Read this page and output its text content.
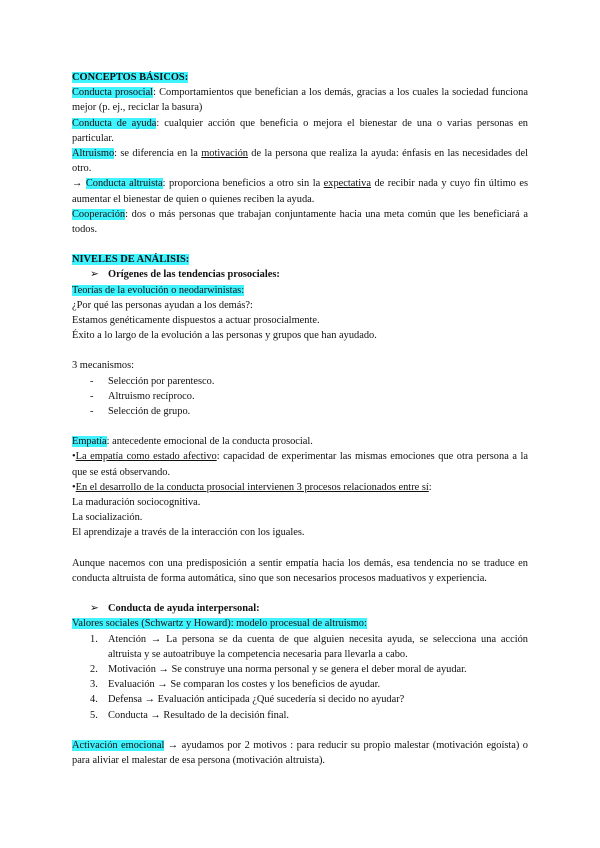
CONCEPTOS BÁSICOS:

Conducta prosocial: Comportamientos que benefician a los demás, gracias a los cuales la sociedad funciona mejor (p. ej., reciclar la basura)

Conducta de ayuda: cualquier acción que beneficia o mejora el bienestar de una o varias personas en particular.

Altruismo: se diferencia en la motivación de la persona que realiza la ayuda: énfasis en las necesidades del otro.

→ Conducta altruista: proporciona beneficios a otro sin la expectativa de recibir nada y cuyo fin último es aumentar el bienestar de quien o quienes reciben la ayuda.

Cooperación: dos o más personas que trabajan conjuntamente hacia una meta común que les beneficiará a todos.

NIVELES DE ANÁLISIS:

➢ Orígenes de las tendencias prosociales:

Teorías de la evolución o neodarwinistas:

¿Por qué las personas ayudan a los demás?:

Estamos genéticamente dispuestos a actuar prosocialmente.

Éxito a lo largo de la evolución a las personas y grupos que han ayudado.

3 mecanismos:

- Selección por parentesco.
- Altruismo recíproco.
- Selección de grupo.

Empatía: antecedente emocional de la conducta prosocial.

•La empatía como estado afectivo: capacidad de experimentar las mismas emociones que otra persona a la que se está observando.

•En el desarrollo de la conducta prosocial intervienen 3 procesos relacionados entre sí:

La maduración sociocognitiva.

La socialización.

El aprendizaje a través de la interacción con los iguales.

Aunque nacemos con una predisposición a sentir empatía hacia los demás, esa tendencia no se traduce en conducta altruista de forma automática, sino que son necesarios procesos maduativos y experiencia.

➢ Conducta de ayuda interpersonal:

Valores sociales (Schwartz y Howard): modelo procesual de altruismo:

1. Atención → La persona se da cuenta de que alguien necesita ayuda, se selecciona una acción altruista y se autoatribuye la competencia necesaria para llevarla a cabo.
2. Motivación → Se construye una norma personal y se genera el deber moral de ayudar.
3. Evaluación → Se comparan los costes y los beneficios de ayudar.
4. Defensa → Evaluación anticipada ¿Qué sucedería si decido no ayudar?
5. Conducta → Resultado de la decisión final.

Activación emocional → ayudamos por 2 motivos : para reducir su propio malestar (motivación egoísta) o para aliviar el malestar de esa persona (motivación altruista).
